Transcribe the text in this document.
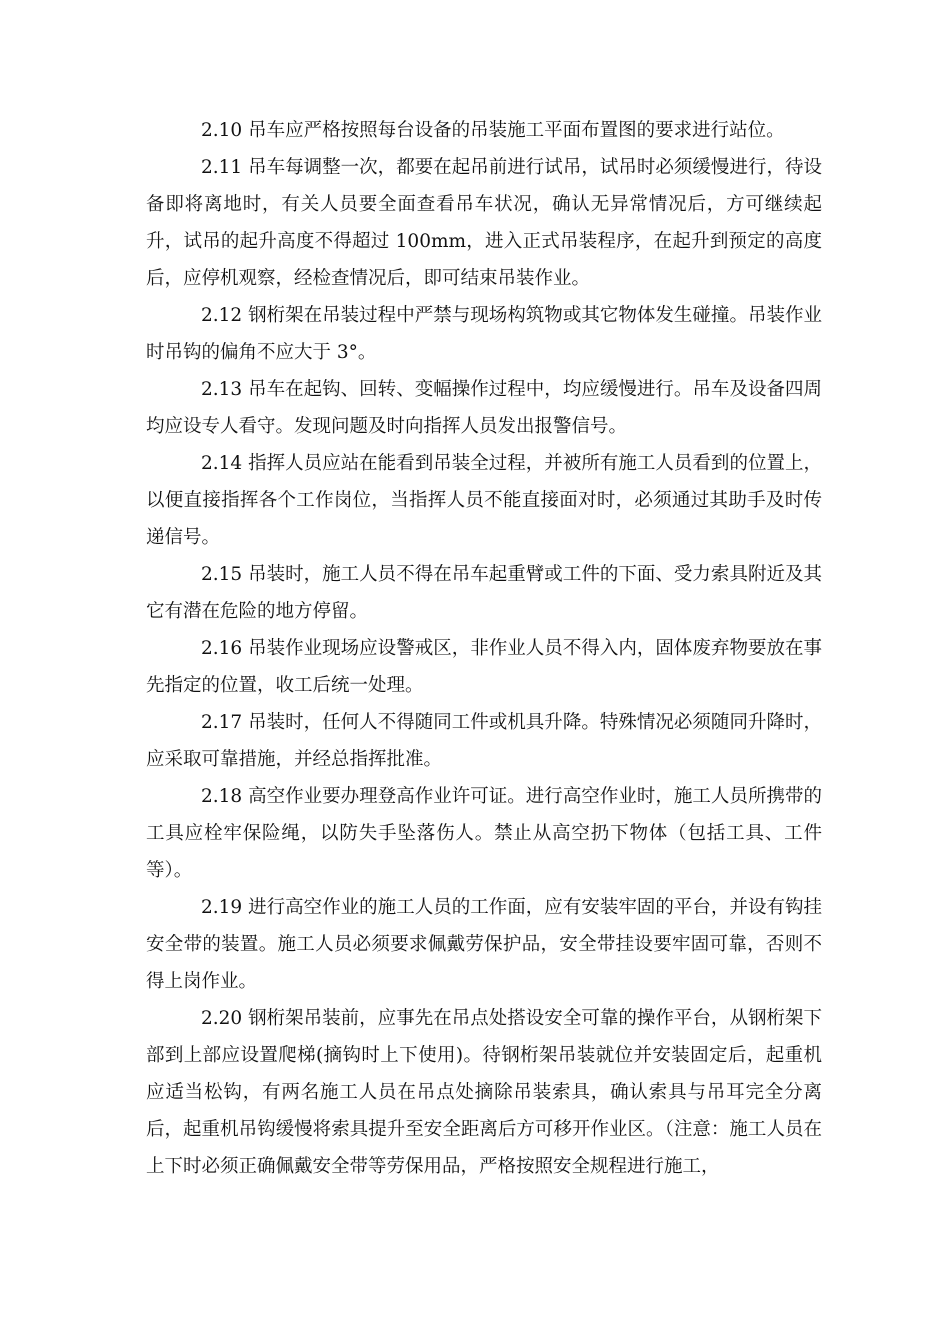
2.10 吊车应严格按照每台设备的吊装施工平面布置图的要求进行站位。

2.11 吊车每调整一次，都要在起吊前进行试吊，试吊时必须缓慢进行，待设备即将离地时，有关人员要全面查看吊车状况，确认无异常情况后，方可继续起升，试吊的起升高度不得超过 100mm，进入正式吊装程序，在起升到预定的高度后，应停机观察，经检查情况后，即可结束吊装作业。

2.12 钢桁架在吊装过程中严禁与现场构筑物或其它物体发生碰撞。吊装作业时吊钩的偏角不应大于 3°。

2.13 吊车在起钩、回转、变幅操作过程中，均应缓慢进行。吊车及设备四周均应设专人看守。发现问题及时向指挥人员发出报警信号。

2.14 指挥人员应站在能看到吊装全过程，并被所有施工人员看到的位置上，以便直接指挥各个工作岗位，当指挥人员不能直接面对时，必须通过其助手及时传递信号。

2.15 吊装时，施工人员不得在吊车起重臂或工件的下面、受力索具附近及其它有潜在危险的地方停留。

2.16 吊装作业现场应设警戒区，非作业人员不得入内，固体废弃物要放在事先指定的位置，收工后统一处理。

2.17 吊装时，任何人不得随同工件或机具升降。特殊情况必须随同升降时，应采取可靠措施，并经总指挥批准。

2.18 高空作业要办理登高作业许可证。进行高空作业时，施工人员所携带的工具应栓牢保险绳，以防失手坠落伤人。禁止从高空扔下物体（包括工具、工件等）。

2.19 进行高空作业的施工人员的工作面，应有安装牢固的平台，并设有钩挂安全带的装置。施工人员必须要求佩戴劳保护品，安全带挂设要牢固可靠，否则不得上岗作业。

2.20 钢桁架吊装前，应事先在吊点处搭设安全可靠的操作平台，从钢桁架下部到上部应设置爬梯(摘钩时上下使用)。待钢桁架吊装就位并安装固定后，起重机应适当松钩，有两名施工人员在吊点处摘除吊装索具，确认索具与吊耳完全分离后，起重机吊钩缓慢将索具提升至安全距离后方可移开作业区。（注意：施工人员在上下时必须正确佩戴安全带等劳保用品，严格按照安全规程进行施工，
